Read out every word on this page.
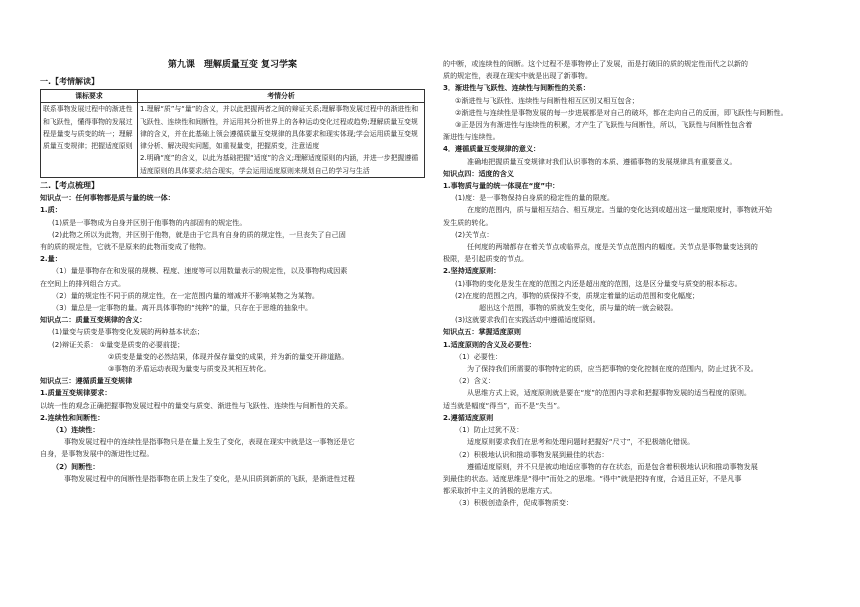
第九课　理解质量互变 复习学案

一.【考情解读】

课标要求	考情分析
联系事物发展过程中的渐进性和飞跃性，懂得事物的发展过程是量变与质变的统一；理解质量互变规律；把握适度原则	1.理解“质”与“量”的含义，并以此把握两者之间的辩证关系;理解事物发展过程中的渐进性和飞跃性、连续性和间断性，并运用其分析世界上的各种运动变化过程或趋势;理解质量互变规律的含义，并在此基础上领会遵循质量互变规律的具体要求和现实体现;学会运用质量互变规律分析、解决现实问题，如重视量变，把握质变，注意适度
2.明确“度”的含义，以此为基础把握“适度”的含义;理解适度原则的内涵，并进一步把握遵循适度原则的具体要求;结合现实，学会运用适度原则来规划自己的学习与生活

二.【考点梳理】

知识点一：任何事物都是质与量的统一体：

1.质：

(1)质是一事物成为自身并区别于他事物的内部固有的规定性。

(2)此物之所以为此物，并区别于他物，就是由于它具有自身的质的规定性，一旦丧失了自己固

有的质的规定性，它就不是原来的此物而变成了他物。

2.量：

（1）量是事物存在和发展的规模、程度、速度等可以用数量表示的规定性，以及事物构成因素

在空间上的排列组合方式。

（2）量的规定性不同于质的规定性，在一定范围内量的增减并不影响某物之为某物。

（3）量总是一定事物的量。离开具体事物的“纯粹”的量，只存在于思维的抽象中。

知识点二：质量互变规律的含义：

(1)量变与质变是事物变化发展的两种基本状态；

(2)辩证关系： ①量变是质变的必要前提；

②质变是量变的必然结果，体现并保存量变的成果，并为新的量变开辟道路。

③事物的矛盾运动表现为量变与质变及其相互转化。

知识点三：遵循质量互变规律

1.质量互变规律要求：

以统一性的观念正确把握事物发展过程中的量变与质变、渐进性与飞跃性、连续性与间断性的关系。

2.连续性和间断性：

（1）连续性：

事物发展过程中的连续性是指事物只是在量上发生了变化，表现在现实中就是这一事物还是它

自身，是事物发展中的渐进性过程。

（2）间断性：

事物发展过程中的间断性是指事物在质上发生了变化，是从旧质到新质的飞跃，是渐进性过程

的中断，或连续性的间断。这个过程不是事物停止了发展，而是打破旧的质的规定性而代之以新的

质的规定性，表现在现实中就是出现了新事物。

3．渐进性与飞跃性、连续性与间断性的关系：

①渐进性与飞跃性、连续性与间断性相互区别又相互包含；

②渐进性与连续性是事物发展的每一步进展都是对自己的破坏，都在走向自己的反面，即飞跃性与间断性。

③正是因为有渐进性与连续性的积累，才产生了飞跃性与间断性，所以，飞跃性与间断性包含着

渐进性与连续性。

4．遵循质量互变规律的意义：

准确地把握质量互变规律对我们认识事物的本质、遵循事物的发展规律具有重要意义。

知识点四：适度的含义

1.事物质与量的统一体现在“度”中：

(1)度：是一事物保持自身质的稳定性的量的限度。

在度的范围内，质与量相互结合、相互规定。当量的变化达到或超出这一量度限度时，事物就开始

发生质的转化。

(2)关节点：

任何度的两端都存在着关节点或临界点，度是关节点范围内的幅度。关节点是事物量变达到的

极限，是引起质变的节点。

2.坚持适度原则：

(1)事物的变化是发生在度的范围之内还是超出度的范围，这是区分量变与质变的根本标志。

(2)在度的范围之内，事物的质保持不变，质规定着量的运动范围和变化幅度；

超出这个范围，事物的质就发生变化，质与量的统一就会破裂。

(3)这就要求我们在实践活动中遵循适度原则。

知识点五：掌握适度原则

1.适度原则的含义及必要性：

（1）必要性：

为了保持我们所需要的事物特定的质，应当把事物的变化控制在度的范围内，防止过犹不及。

（2）含义：

从思维方式上说，适度原则就是要在“度”的范围内寻求和把握事物发展的适当程度的原则。

适当就是幅度“得当”，而不是“失当”。

2.遵循适度原则

（1）防止过犹不及：

适度原则要求我们在思考和处理问题时把握好“尺寸”，不犯极端化错误。

（2）积极地认识和推动事物发展到最佳的状态：

遵循适度原则，并不只是被动地适应事物的存在状态，而是包含着积极地认识和推动事物发展

到最佳的状态。适度思维是“得中”而处之的思维。“得中”就是把持有度，合适且正好，不是凡事

都采取折中主义的消极的思维方式。

（3）积极创造条件，促成事物质变：
